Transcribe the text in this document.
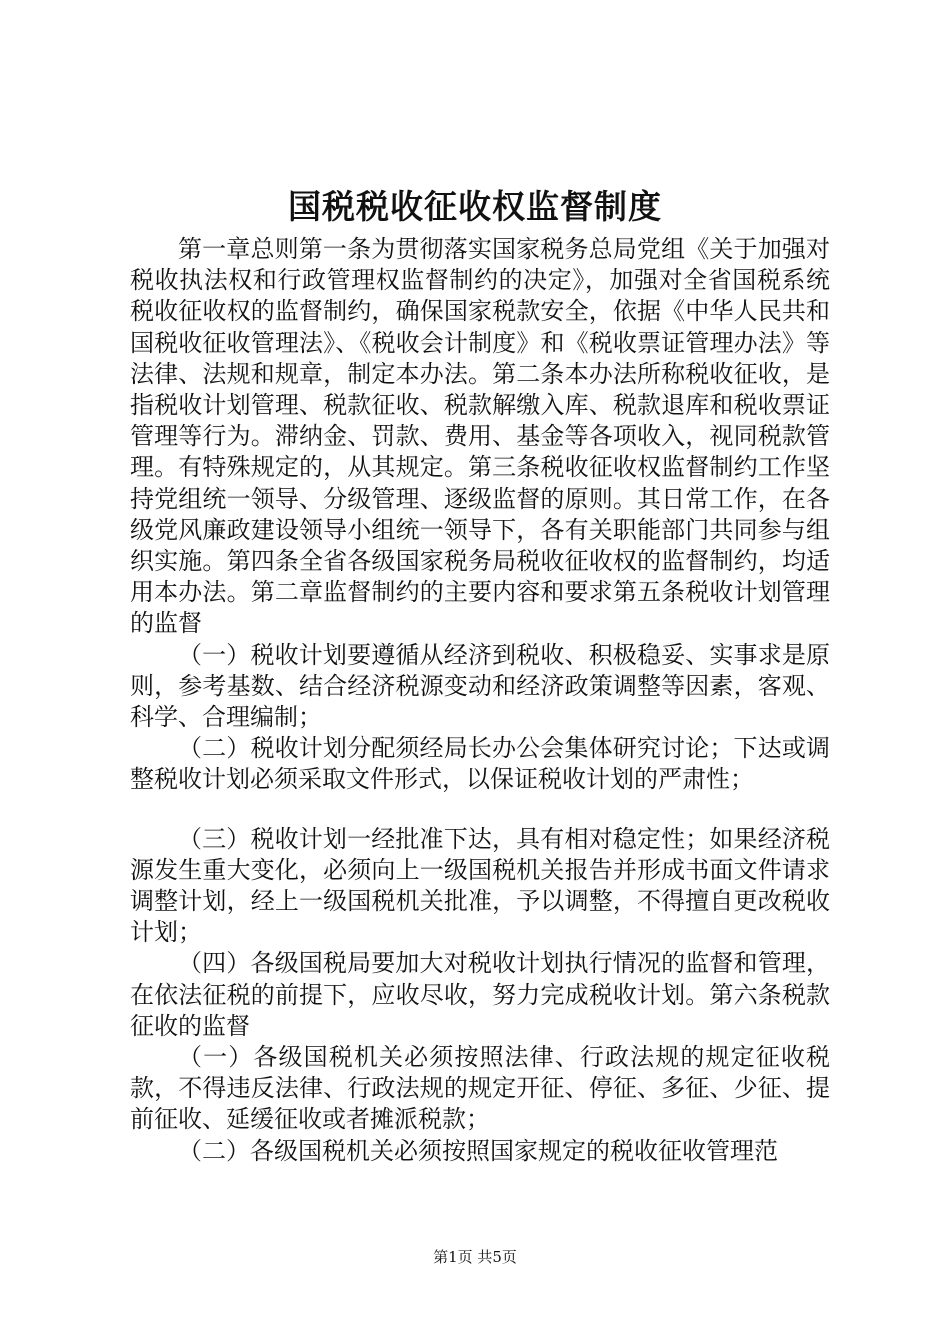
国税税收征收权监督制度

第一章总则第一条为贯彻落实国家税务总局党组《关于加强对税收执法权和行政管理权监督制约的决定》，加强对全省国税系统税收征收权的监督制约，确保国家税款安全，依据《中华人民共和国税收征收管理法》、《税收会计制度》和《税收票证管理办法》等法律、法规和规章，制定本办法。第二条本办法所称税收征收，是指税收计划管理、税款征收、税款解缴入库、税款退库和税收票证管理等行为。滞纳金、罚款、费用、基金等各项收入，视同税款管理。有特殊规定的，从其规定。第三条税收征收权监督制约工作坚持党组统一领导、分级管理、逐级监督的原则。其日常工作，在各级党风廉政建设领导小组统一领导下，各有关职能部门共同参与组织实施。第四条全省各级国家税务局税收征收权的监督制约，均适用本办法。第二章监督制约的主要内容和要求第五条税收计划管理的监督

（一）税收计划要遵循从经济到税收、积极稳妥、实事求是原则，参考基数、结合经济税源变动和经济政策调整等因素，客观、科学、合理编制；

（二）税收计划分配须经局长办公会集体研究讨论；下达或调整税收计划必须采取文件形式，以保证税收计划的严肃性；

（三）税收计划一经批准下达，具有相对稳定性；如果经济税源发生重大变化，必须向上一级国税机关报告并形成书面文件请求调整计划，经上一级国税机关批准，予以调整，不得擅自更改税收计划；

（四）各级国税局要加大对税收计划执行情况的监督和管理，在依法征税的前提下，应收尽收，努力完成税收计划。第六条税款征收的监督

（一）各级国税机关必须按照法律、行政法规的规定征收税款，不得违反法律、行政法规的规定开征、停征、多征、少征、提前征收、延缓征收或者摊派税款；

（二）各级国税机关必须按照国家规定的税收征收管理范

第1页 共5页
